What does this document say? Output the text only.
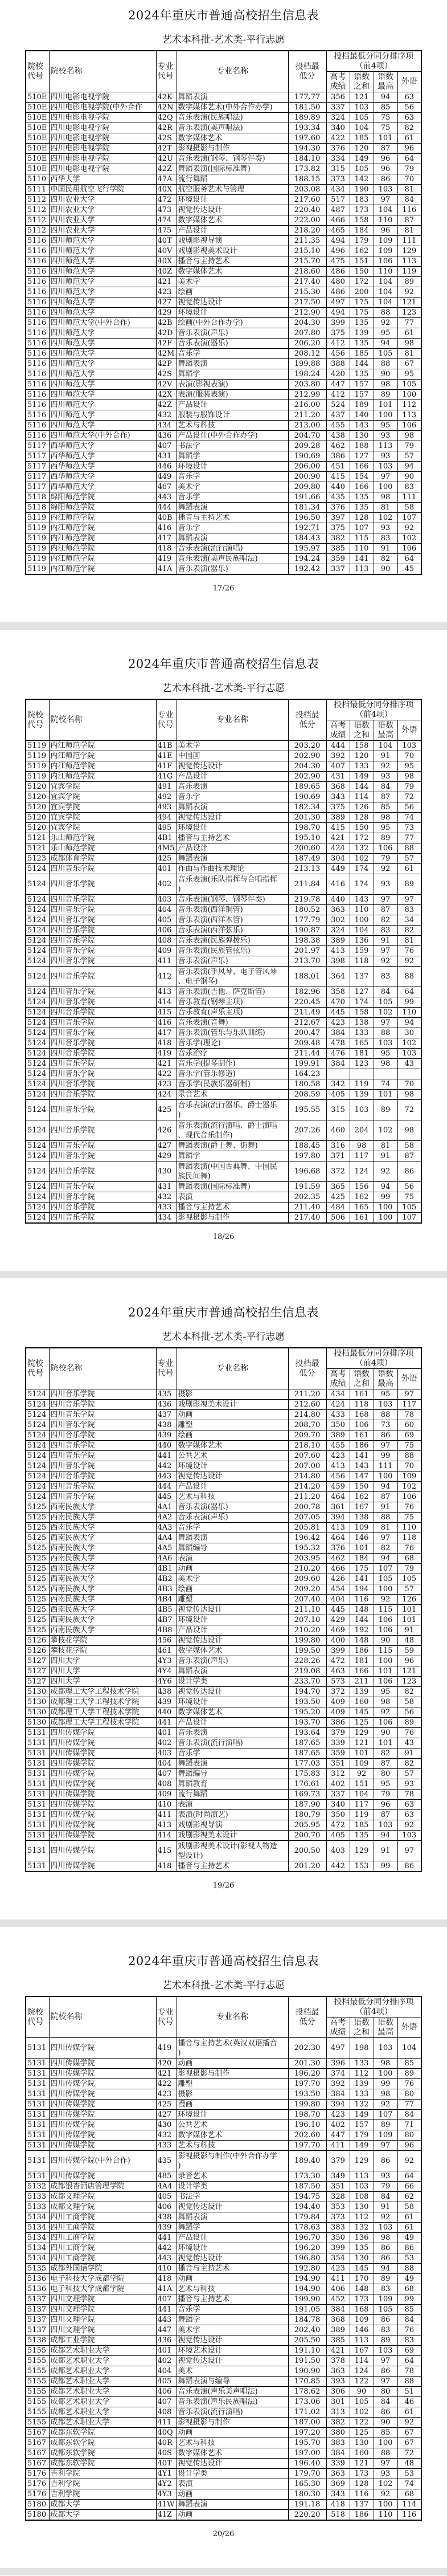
2024年重庆市普通高校招生信息表
艺术本科批-艺术类-平行志愿
院校代号	院校名称	专业代号	专业名称	投档最低分	投档最低分同分排序项（前4项）			
					高考成绩	语数之和	语数最高	外语
510E	四川电影电视学院	42K	舞蹈表演	177.77	356	121	94	63
510E	四川电影电视学院(中外合作	42N	数字媒体艺术(中外合作办学)	181.50	337	103	85	56
510E	四川电影电视学院	42Q	音乐表演(民族唱法)	189.89	324	105	75	63
510E	四川电影电视学院	42R	音乐表演(美声唱法)	193.34	340	104	75	82
510E	四川电影电视学院	42S	数字媒体艺术	197.60	422	185	101	61
510E	四川电影电视学院	42T	影视摄影与制作	194.30	376	120	87	96
510E	四川电影电视学院	42U	音乐表演(钢琴、钢琴伴奏)	184.10	334	149	96	64
510E	四川电影电视学院	42Z	舞蹈表演(国际标准舞)	173.82	315	105	96	79
5110	西华大学	47A	流行舞蹈	188.15	373	142	86	70
5111	中国民用航空飞行学院	40X	航空服务艺术与管理	203.08	434	190	103	81
5112	四川农业大学	472	环境设计	217.60	517	183	97	84
5112	四川农业大学	473	视觉传达设计	220.40	487	173	104	116
5112	四川农业大学	474	数字媒体艺术	222.00	466	158	110	87
5112	四川农业大学	475	产品设计	218.20	465	184	96	81
5116	四川师范大学	40T	戏剧影视导演	211.35	494	179	109	111
5116	四川师范大学	40V	戏剧影视美术设计	215.10	496	162	109	129
5116	四川师范大学	40X	播音与主持艺术	215.70	475	151	106	113
5116	四川师范大学	40Z	数字媒体艺术	218.60	486	150	110	119
5116	四川师范大学	421	美术学	217.40	480	172	104	89
5116	四川师范大学	423	绘画	215.30	486	200	104	92
5116	四川师范大学	427	视觉传达设计	217.50	497	175	104	121
5116	四川师范大学	429	环境设计	212.90	494	175	88	123
5116	四川师范大学(中外合作)	42B	绘画(中外合作办学)	204.30	399	135	92	77
5116	四川师范大学	42D	音乐表演(声乐)	207.80	375	139	95	61
5116	四川师范大学	42F	音乐表演(器乐)	206.20	412	135	94	98
5116	四川师范大学	42M	音乐学	208.12	456	185	105	81
5116	四川师范大学	42P	舞蹈表演	199.88	388	144	88	67
5116	四川师范大学	42S	舞蹈学	198.24	420	135	90	95
5116	四川师范大学	42V	表演(影视表演)	203.80	447	157	98	105
5116	四川师范大学	42X	表演(服装表演)	212.99	412	157	89	100
5116	四川师范大学	42Z	产品设计	216.00	524	189	101	112
5116	四川师范大学	432	服装与服饰设计	211.20	437	140	100	113
5116	四川师范大学	434	艺术与科技	213.00	455	143	95	106
5116	四川师范大学(中外合作)	436	产品设计(中外合作办学)	204.70	438	130	93	98
5117	西华师范大学	407	书法学	209.28	462	188	113	79
5117	西华师范大学	431	舞蹈学	190.69	386	127	93	57
5117	西华师范大学	446	环境设计	206.00	451	166	103	94
5117	西华师范大学	449	音乐学	200.90	415	154	97	90
5117	西华师范大学	467	美术学	209.80	440	166	100	83
5118	绵阳师范学院	443	音乐学	191.66	435	135	98	111
5118	绵阳师范学院	444	舞蹈表演	181.34	376	135	81	58
5119	内江师范学院	40B	播音与主持艺术	196.50	397	128	102	107
5119	内江师范学院	416	音乐学	192.71	375	107	93	92
5119	内江师范学院	417	舞蹈表演	184.43	382	115	83	102
5119	内江师范学院	418	音乐表演(流行演唱)	195.97	385	110	91	106
5119	内江师范学院	419	音乐表演(美声民族唱法)	194.24	359	141	82	64
5119	内江师范学院	41A	音乐表演(器乐)	192.42	337	113	90	45
17/26
2024年重庆市普通高校招生信息表
艺术本科批-艺术类-平行志愿
院校代号	院校名称	专业代号	专业名称	投档最低分	投档最低分同分排序项（前4项）			
					高考成绩	语数之和	语数最高	外语
5119	内江师范学院	41B	美术学	203.20	444	158	104	103
5119	内江师范学院	41E	中国画	202.90	392	120	91	70
5119	内江师范学院	41F	视觉传达设计	204.30	407	133	92	95
5119	内江师范学院	41G	产品设计	202.90	431	149	93	98
5120	宜宾学院	491	音乐表演	189.65	368	144	84	79
5120	宜宾学院	492	音乐学	190.69	343	114	87	72
5120	宜宾学院	493	舞蹈表演	182.34	375	126	85	56
5120	宜宾学院	494	视觉传达设计	201.30	389	128	98	74
5120	宜宾学院	495	环境设计	198.70	415	150	95	73
5121	乐山师范学院	4B1	播音与主持艺术	195.10	421	172	89	77
5121	乐山师范学院	4M5	产品设计	200.60	424	132	106	88
5123	成都体育学院	425	舞蹈表演	187.49	304	102	79	57
5124	四川音乐学院	401	作曲与作曲技术理论	213.13	449	174	92	61
5124	四川音乐学院	402	音乐表演(乐队指挥与合唱指挥
)	211.84	416	174	93	89
5124	四川音乐学院	403	音乐表演(钢琴、钢琴伴奏)	219.78	440	143	97	97
5124	四川音乐学院	404	音乐表演(西洋铜管)	180.52	363	110	87	83
5124	四川音乐学院	405	音乐表演(西洋木管)	177.79	302	100	82	34
5124	四川音乐学院	406	音乐表演(西洋弦乐)	190.87	324	104	83	82
5124	四川音乐学院	408	音乐表演(民族弹拨乐)	198.38	389	136	91	81
5124	四川音乐学院	409	音乐表演(民族管弦乐)	201.97	413	159	97	76
5124	四川音乐学院	411	音乐表演(声乐)	213.70	398	118	92	92
5124	四川音乐学院	412	音乐表演(手风琴、电子管风琴
、电子钢琴)	188.01	364	137	83	88
5124	四川音乐学院	413	音乐表演(吉他、萨克斯管)	182.96	358	127	84	64
5124	四川音乐学院	414	音乐教育(钢琴主项)	220.45	470	174	105	99
5124	四川音乐学院	415	音乐教育(声乐主项)	211.49	445	158	102	110
5124	四川音乐学院	416	音乐表演(音舞)	212.67	423	138	97	94
5124	四川音乐学院	417	音乐表演(管乐与乐队训练)	200.47	384	133	88	30
5124	四川音乐学院	418	音乐学(理论)	209.48	478	165	103	102
5124	四川音乐学院	419	音乐治疗	211.44	476	181	95	103
5124	四川音乐学院	421	音乐学(提琴制作)	199.91	384	123	98	43
5124	四川音乐学院	422	音乐学(管乐修造)	164.23				
5124	四川音乐学院	423	音乐学(民族乐器研制)	180.58	342	119	74	70
5124	四川音乐学院	424	录音艺术	208.59	405	139	101	98
5124	四川音乐学院	425	音乐表演(流行器乐、爵士器乐
)	195.55	315	103	89	72
5124	四川音乐学院	426	音乐表演(流行演唱、爵士演唱
、现代音乐制作)	207.26	460	204	102	98
5124	四川音乐学院	427	舞蹈表演(爵士舞、街舞)	188.45	316	98	81	58
5124	四川音乐学院	429	舞蹈学	197.80	371	117	91	87
5124	四川音乐学院	430	舞蹈表演(中国古典舞、中国民
族民间舞)	196.68	372	124	92	86
5124	四川音乐学院	431	舞蹈表演(国际标准舞)	191.59	365	156	94	56
5124	四川音乐学院	432	表演	202.35	425	162	99	75
5124	四川音乐学院	433	播音与主持艺术	211.40	484	165	100	105
5124	四川音乐学院	434	影视摄影与制作	217.40	506	161	100	107
18/26
2024年重庆市普通高校招生信息表
艺术本科批-艺术类-平行志愿
院校代号	院校名称	专业代号	专业名称	投档最低分	投档最低分同分排序项（前4项）			
					高考成绩	语数之和	语数最高	外语
5124	四川音乐学院	435	摄影	211.20	434	161	95	97
5124	四川音乐学院	436	戏剧影视美术设计	212.60	424	118	103	117
5124	四川音乐学院	437	动画	214.80	433	168	88	78
5124	四川音乐学院	438	雕塑	208.70	350	106	73	60
5124	四川音乐学院	439	绘画	209.70	389	161	86	69
5124	四川音乐学院	440	数字媒体艺术	218.10	455	186	97	75
5124	四川音乐学院	441	公共艺术	207.60	423	141	99	88
5124	四川音乐学院	442	环境设计	207.00	413	143	111	70
5124	四川音乐学院	443	视觉传达设计	214.80	456	147	100	109
5124	四川音乐学院	444	产品设计	214.20	459	150	94	102
5124	四川音乐学院	445	艺术与科技	211.20	464	162	87	106
5125	西南民族大学	4A1	音乐表演(器乐)	200.78	361	167	91	76
5125	西南民族大学	4A2	音乐表演(声乐)	207.05	394	138	88	75
5125	西南民族大学	4A3	音乐学	205.81	413	109	81	110
5125	西南民族大学	4A4	舞蹈表演	196.42	464	146	97	118
5125	西南民族大学	4A5	舞蹈编导	195.32	376	101	82	76
5125	西南民族大学	4A6	表演	203.95	462	184	94	68
5125	西南民族大学	4B1	动画	210.20	466	175	107	79
5125	西南民族大学	4B2	美术学	209.60	426	141	105	105
5125	西南民族大学	4B3	绘画	209.20	454	194	100	57
5125	西南民族大学	4B4	雕塑	207.40	404	116	92	126
5125	西南民族大学	4B5	视觉传达设计	211.10	445	148	115	101
5125	西南民族大学	4B7	环境设计	207.10	429	144	106	101
5125	西南民族大学	4B8	产品设计	210.20	469	192	106	91
5126	攀枝花学院	456	视觉传达设计	199.80	400	148	90	48
5126	攀枝花学院	461	数字媒体艺术	199.50	399	186	115	59
5127	四川大学	4Y3	音乐表演(声乐)	228.26	472	181	100	96
5127	四川大学	4Y4	舞蹈表演	219.08	463	166	101	121
5127	四川大学	4Y6	设计学类	233.70	573	211	106	123
5130	成都理工大学工程技术学院	438	视觉传达设计	194.70	372	139	95	82
5130	成都理工大学工程技术学院	439	环境设计	193.50	409	160	98	58
5130	成都理工大学工程技术学院	440	数字媒体艺术	195.20	409	145	92	56
5130	成都理工大学工程技术学院	441	产品设计	193.70	386	125	106	89
5131	四川传媒学院	401	音乐表演	193.64	379	129	90	76
5131	四川传媒学院	402	音乐表演(流行演唱)	187.65	339	121	101	43
5131	四川传媒学院	403	音乐学	187.65	359	101	82	91
5131	四川传媒学院	404	舞蹈表演	177.03	351	109	87	82
5131	四川传媒学院	407	舞蹈编导	175.83	312	92	80	57
5131	四川传媒学院	408	舞蹈教育	176.61	402	151	95	93
5131	四川传媒学院	409	流行舞蹈	169.73	337	104	79	78
5131	四川传媒学院	410	表演	187.90	340	117	96	63
5131	四川传媒学院	411	表演(时尚演艺)	180.79	350	119	87	63
5131	四川传媒学院	413	戏剧影视导演	205.95	472	185	103	92
5131	四川传媒学院	414	戏剧影视美术设计	200.70	405	135	94	103
5131	四川传媒学院	415	戏剧影视美术设计(影视人物造
型设计)	200.50	403	129	91	97
5131	四川传媒学院	418	播音与主持艺术	201.20	442	153	99	86
19/26
2024年重庆市普通高校招生信息表
艺术本科批-艺术类-平行志愿
院校代号	院校名称	专业代号	专业名称	投档最低分	投档最低分同分排序项（前4项）			
					高考成绩	语数之和	语数最高	外语
5131	四川传媒学院	419	播音与主持艺术(英汉双语播音
)	202.30	497	198	103	104
5131	四川传媒学院	420	动画	201.30	396	133	98	85
5131	四川传媒学院	421	影视摄影与制作	196.20	374	112	100	89
5131	四川传媒学院	422	雕塑	197.70	392	139	99	76
5131	四川传媒学院	423	摄影	193.50	384	133	98	80
5131	四川传媒学院	425	漫画	199.80	394	132	92	77
5131	四川传媒学院	427	环境设计	198.70	423	149	107	84
5131	四川传媒学院	430	公共艺术	196.10	402	157	89	71
5131	四川传媒学院	432	数字媒体艺术	202.60	447	179	109	80
5131	四川传媒学院	433	艺术与科技	197.70	411	149	97	96
5131	四川传媒学院(中外合作)	435	影视摄影与制作(中外合作办学
)	189.40	379	129	86	92
5131	四川传媒学院	485	录音艺术	173.30	349	113	93	64
5132	成都银杏酒店管理学院	4A4	设计学类	187.50	351	103	79	66
5133	成都文理学院	405	书法学	194.75	328	108	84	62
5133	成都文理学院	406	视觉传达设计	194.40	353	130	91	58
5134	四川工商学院	438	舞蹈表演	179.84	373	112	92	61
5134	四川工商学院	439	舞蹈学	178.63	383	132	103	61
5134	四川工商学院	441	产品设计	196.70	350	136	98	49
5134	四川工商学院	442	环境设计	196.20	399	135	86	86
5134	四川工商学院	443	视觉传达设计	196.80	354	130	86	53
5135	成都外国语学院	410	播音与主持艺术	192.80	423	145	94	88
5136	电子科技大学成都学院	418	动画	194.90	411	170	89	49
5136	电子科技大学成都学院	41A	艺术与科技	194.90	406	148	83	68
5137	四川文理学院	407	播音与主持艺术	199.90	452	173	109	99
5137	四川文理学院	441	音乐学	191.05	384	168	105	85
5137	四川文理学院	443	舞蹈学	184.78	368	109	86	84
5137	四川文理学院	447	美术学	202.40	389	146	83	76
5138	成都工业学院	436	视觉传达设计	205.50	385	113	89	83
5155	成都艺术职业大学	401	环境艺术设计	191.10	421	167	103	69
5155	成都艺术职业大学	402	视觉传达设计	191.50	378	114	97	64
5155	成都艺术职业大学	404	美术	190.90	363	124	86	78
5155	成都艺术职业大学	405	舞蹈表演与编导	170.85	393	122	97	88
5155	成都艺术职业大学	406	音乐表演(声乐美声唱法)	178.62	306	90	80	51
5155	成都艺术职业大学	407	音乐表演(声乐民族唱法)	173.06	301	105	84	46
5155	成都艺术职业大学	408	音乐表演(流行演唱)	171.02	313	102	86	61
5155	成都艺术职业大学	411	影视摄影与制作	187.00	382	122	90	92
5167	成都东软学院	40Q	动画	197.20	380	125	85	67
5167	成都东软学院	40R	艺术与科技	195.70	383	130	100	67
5167	成都东软学院	40S	数字媒体艺术	197.00	384	160	88	72
5167	成都东软学院	40T	视觉传达设计	196.40	339	121	97	48
5176	吉利学院	4Y1	设计学类	179.70	363	173	93	53
5176	吉利学院	4Y2	表演	165.30	369	128	102	74
5176	吉利学院	4Y3	动画	180.30	343	116	92	68
5180	成都大学	41W	舞蹈表演	191.18	418	137	100	114
5180	成都大学	41Z	动画	220.20	518	186	110	116
20/26
